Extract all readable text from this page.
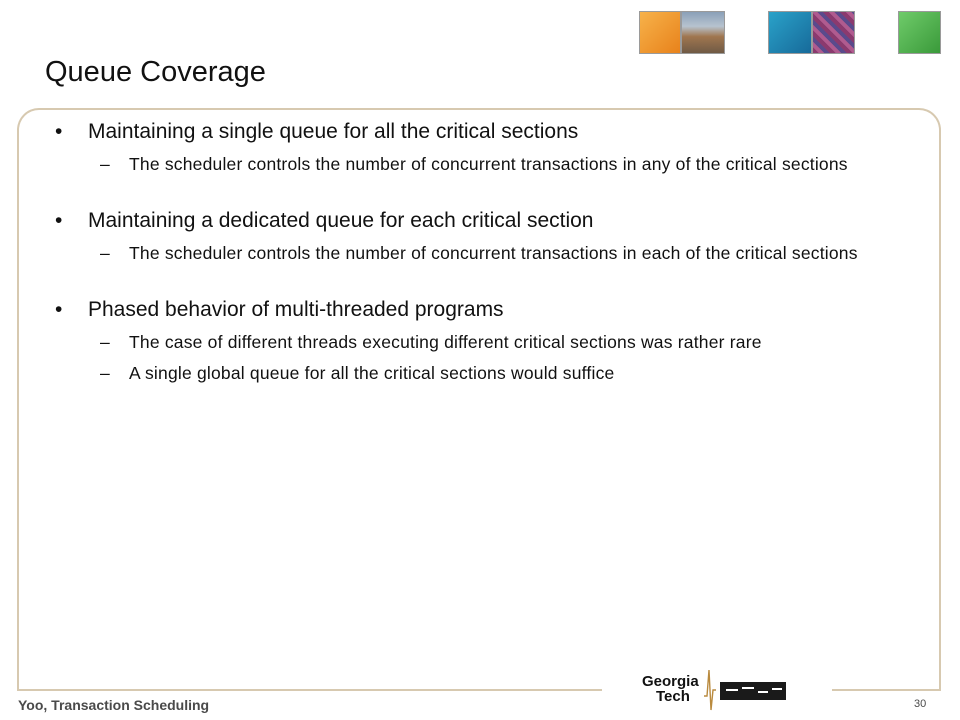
Queue Coverage
•	Maintaining a single queue for all the critical sections
–	The scheduler controls the number of concurrent transactions in any of the critical sections
•	Maintaining a dedicated queue for each critical section
–	The scheduler controls the number of concurrent transactions in each of the critical sections
•	Phased behavior of multi-threaded programs
–	The case of different threads executing different critical sections was rather rare
–	A single global queue for all the critical sections would suffice
Georgia
Tech
Yoo, Transaction Scheduling	30
